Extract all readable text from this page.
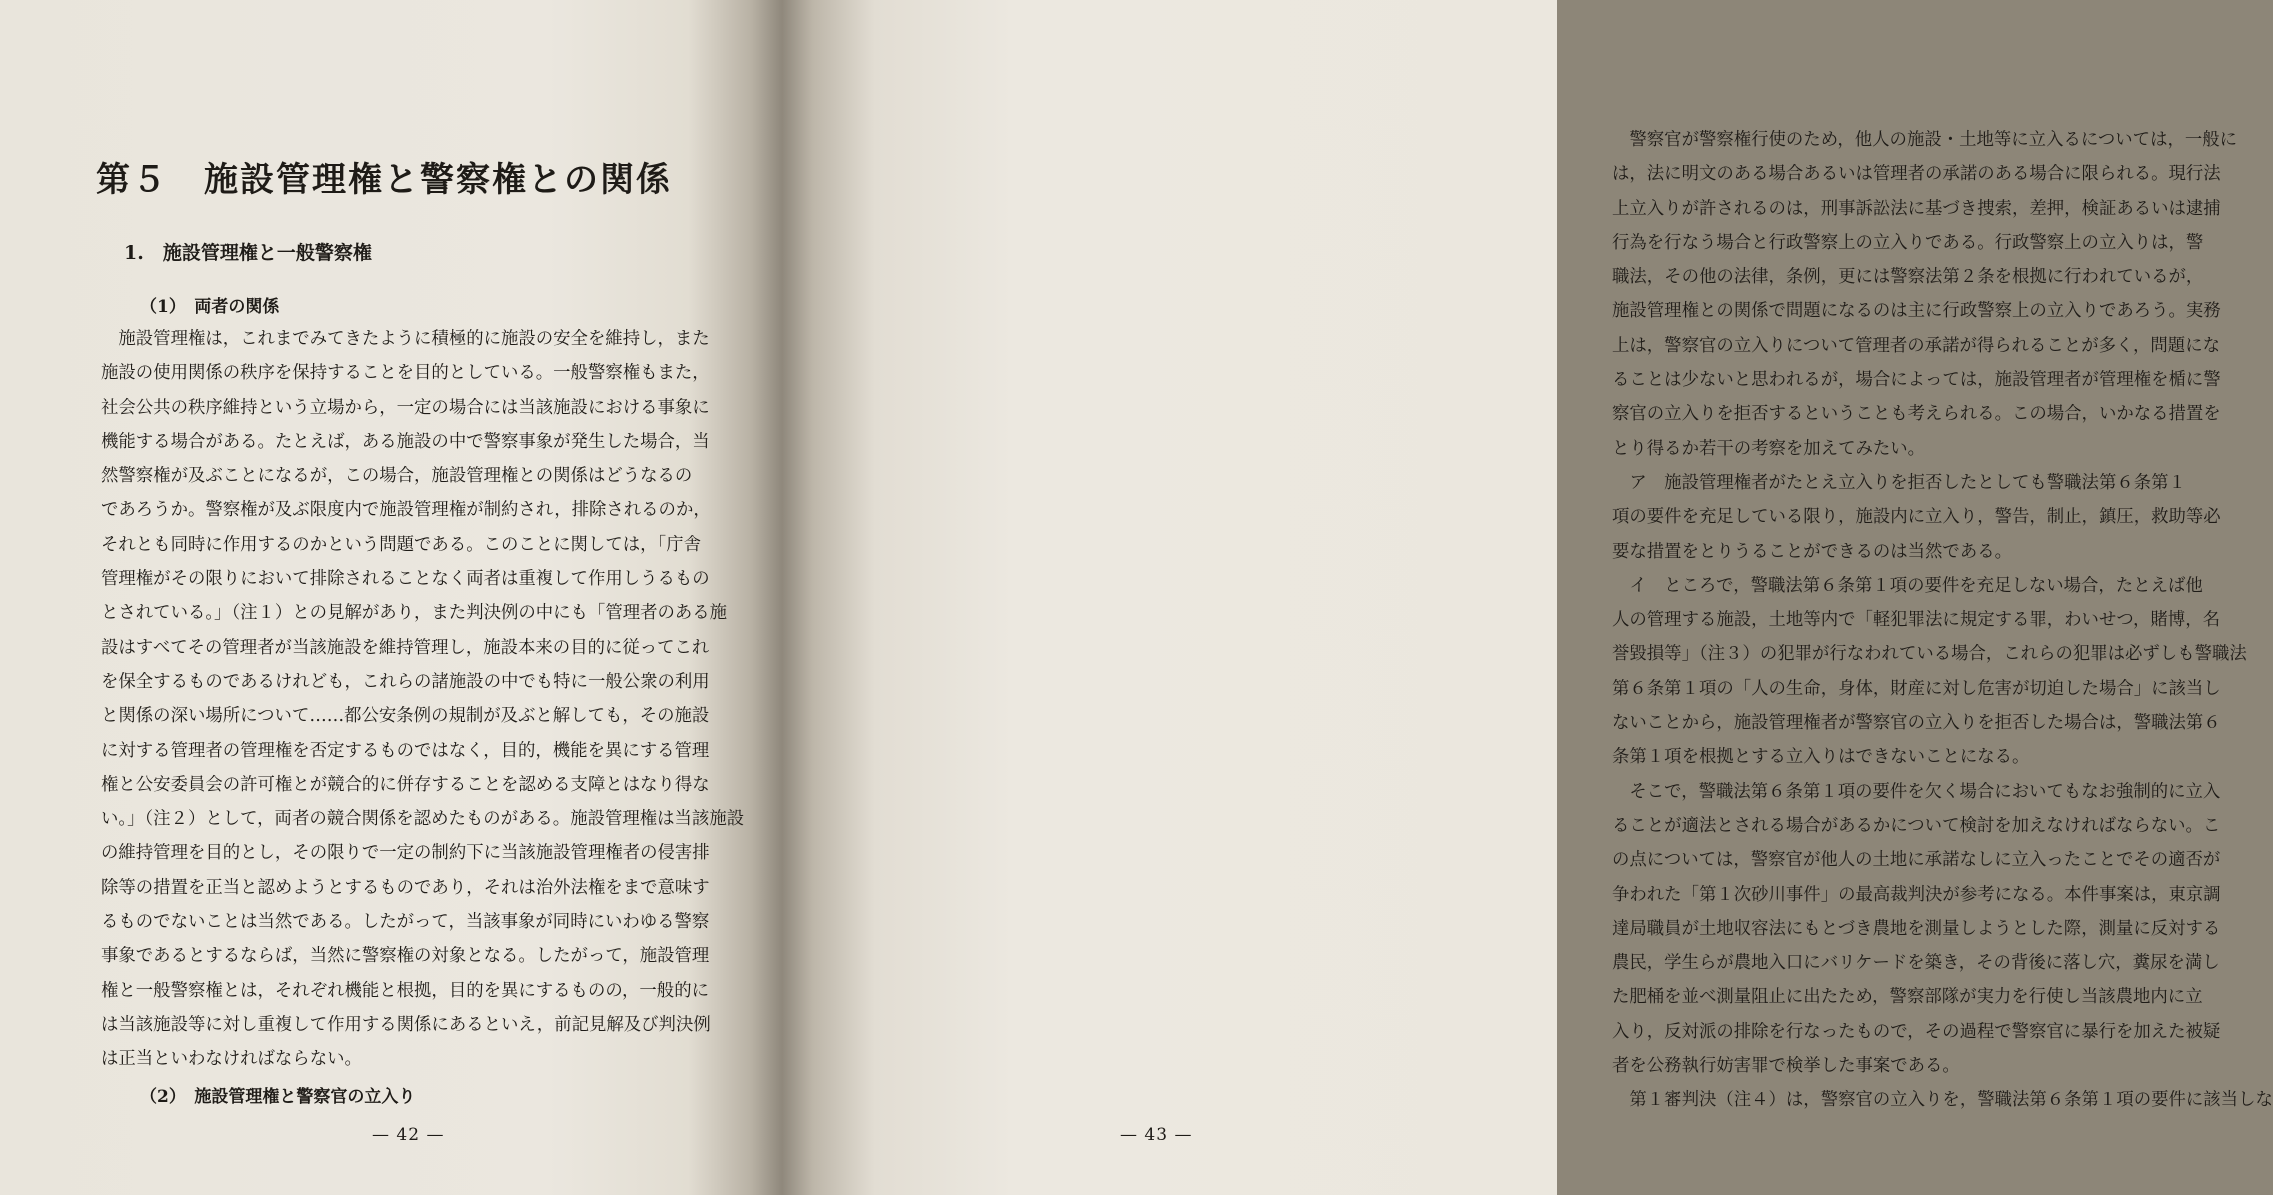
第５　施設管理権と警察権との関係
1.　施設管理権と一般警察権
（1）　両者の関係
　施設管理権は，これまでみてきたように積極的に施設の安全を維持し，また
施設の使用関係の秩序を保持することを目的としている。一般警察権もまた，
社会公共の秩序維持という立場から，一定の場合には当該施設における事象に
機能する場合がある。たとえば，ある施設の中で警察事象が発生した場合，当
然警察権が及ぶことになるが，この場合，施設管理権との関係はどうなるの
であろうか。警察権が及ぶ限度内で施設管理権が制約され，排除されるのか，
それとも同時に作用するのかという問題である。このことに関しては，「庁舎
管理権がその限りにおいて排除されることなく両者は重複して作用しうるもの
とされている。」（注１）との見解があり，また判決例の中にも「管理者のある施
設はすべてその管理者が当該施設を維持管理し，施設本来の目的に従ってこれ
を保全するものであるけれども，これらの諸施設の中でも特に一般公衆の利用
と関係の深い場所について……都公安条例の規制が及ぶと解しても，その施設
に対する管理者の管理権を否定するものではなく，目的，機能を異にする管理
権と公安委員会の許可権とが競合的に併存することを認める支障とはなり得な
い。」（注２）として，両者の競合関係を認めたものがある。施設管理権は当該施設
の維持管理を目的とし，その限りで一定の制約下に当該施設管理権者の侵害排
除等の措置を正当と認めようとするものであり，それは治外法権をまで意味す
るものでないことは当然である。したがって，当該事象が同時にいわゆる警察
事象であるとするならば，当然に警察権の対象となる。したがって，施設管理
権と一般警察権とは，それぞれ機能と根拠，目的を異にするものの，一般的に
は当該施設等に対し重複して作用する関係にあるといえ，前記見解及び判決例
は正当といわなければならない。
（2）　施設管理権と警察官の立入り
— 42 —
　警察官が警察権行使のため，他人の施設・土地等に立入るについては，一般に
は，法に明文のある場合あるいは管理者の承諾のある場合に限られる。現行法
上立入りが許されるのは，刑事訴訟法に基づき捜索，差押，検証あるいは逮捕
行為を行なう場合と行政警察上の立入りである。行政警察上の立入りは，警
職法，その他の法律，条例，更には警察法第２条を根拠に行われているが，
施設管理権との関係で問題になるのは主に行政警察上の立入りであろう。実務
上は，警察官の立入りについて管理者の承諾が得られることが多く，問題にな
ることは少ないと思われるが，場合によっては，施設管理者が管理権を楯に警
察官の立入りを拒否するということも考えられる。この場合，いかなる措置を
とり得るか若干の考察を加えてみたい。
　ア　施設管理権者がたとえ立入りを拒否したとしても警職法第６条第１
項の要件を充足している限り，施設内に立入り，警告，制止，鎮圧，救助等必
要な措置をとりうることができるのは当然である。
　イ　ところで，警職法第６条第１項の要件を充足しない場合，たとえば他
人の管理する施設，土地等内で「軽犯罪法に規定する罪，わいせつ，賭博，名
誉毀損等」（注３）の犯罪が行なわれている場合，これらの犯罪は必ずしも警職法
第６条第１項の「人の生命，身体，財産に対し危害が切迫した場合」に該当し
ないことから，施設管理権者が警察官の立入りを拒否した場合は，警職法第６
条第１項を根拠とする立入りはできないことになる。
　そこで，警職法第６条第１項の要件を欠く場合においてもなお強制的に立入
ることが適法とされる場合があるかについて検討を加えなければならない。こ
の点については，警察官が他人の土地に承諾なしに立入ったことでその適否が
争われた「第１次砂川事件」の最高裁判決が参考になる。本件事案は，東京調
達局職員が土地収容法にもとづき農地を測量しようとした際，測量に反対する
農民，学生らが農地入口にバリケードを築き，その背後に落し穴，糞尿を満し
た肥桶を並べ測量阻止に出たため，警察部隊が実力を行使し当該農地内に立
入り，反対派の排除を行なったもので，その過程で警察官に暴行を加えた被疑
者を公務執行妨害罪で検挙した事案である。
　第１審判決（注４）は，警察官の立入りを，警職法第６条第１項の要件に該当しな
— 43 —
